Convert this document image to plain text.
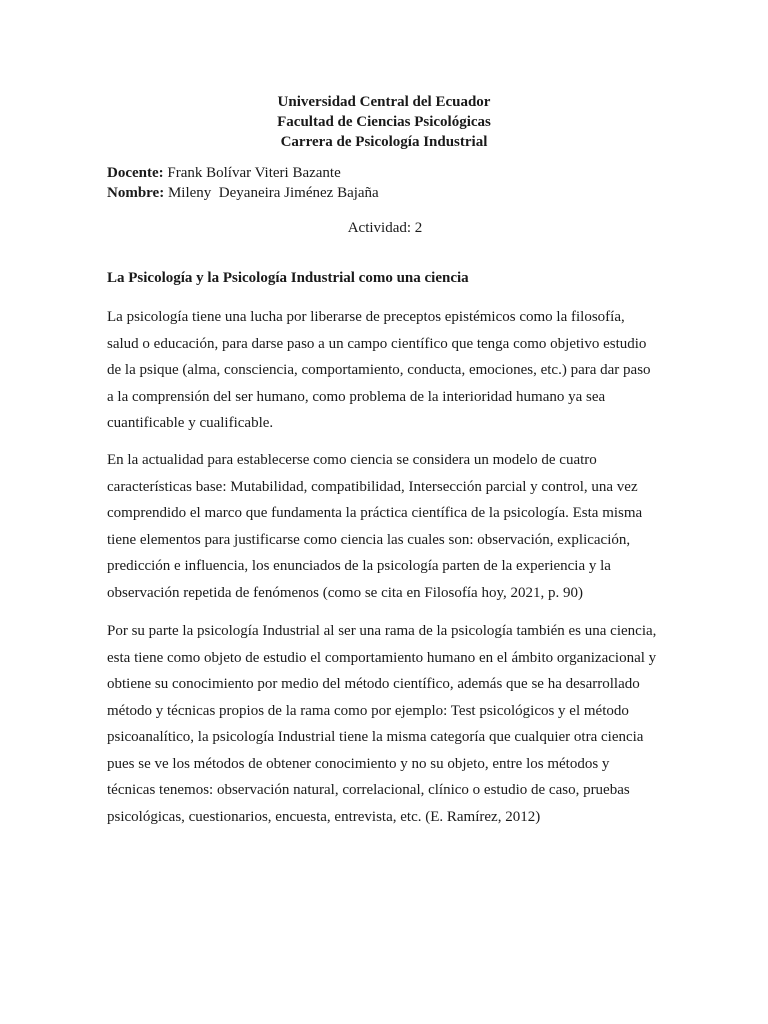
Universidad Central del Ecuador
Facultad de Ciencias Psicológicas
Carrera de Psicología Industrial
Docente: Frank Bolívar Viteri Bazante
Nombre: Mileny  Deyaneira Jiménez Bajaña
Actividad: 2
La Psicología y la Psicología Industrial como una ciencia
La psicología tiene una lucha por liberarse de preceptos epistémicos como la filosofía,
salud o educación, para darse paso a un campo científico que tenga como objetivo estudio
de la psique (alma, consciencia, comportamiento, conducta, emociones, etc.) para dar paso
a la comprensión del ser humano, como problema de la interioridad humano ya sea
cuantificable y cualificable.
En la actualidad para establecerse como ciencia se considera un modelo de cuatro
características base: Mutabilidad, compatibilidad, Intersección parcial y control, una vez
comprendido el marco que fundamenta la práctica científica de la psicología. Esta misma
tiene elementos para justificarse como ciencia las cuales son: observación, explicación,
predicción e influencia, los enunciados de la psicología parten de la experiencia y la
observación repetida de fenómenos (como se cita en Filosofía hoy, 2021, p. 90)
Por su parte la psicología Industrial al ser una rama de la psicología también es una ciencia,
esta tiene como objeto de estudio el comportamiento humano en el ámbito organizacional y
obtiene su conocimiento por medio del método científico, además que se ha desarrollado
método y técnicas propios de la rama como por ejemplo: Test psicológicos y el método
psicoanalítico, la psicología Industrial tiene la misma categoría que cualquier otra ciencia
pues se ve los métodos de obtener conocimiento y no su objeto, entre los métodos y
técnicas tenemos: observación natural, correlacional, clínico o estudio de caso, pruebas
psicológicas, cuestionarios, encuesta, entrevista, etc. (E. Ramírez, 2012)
